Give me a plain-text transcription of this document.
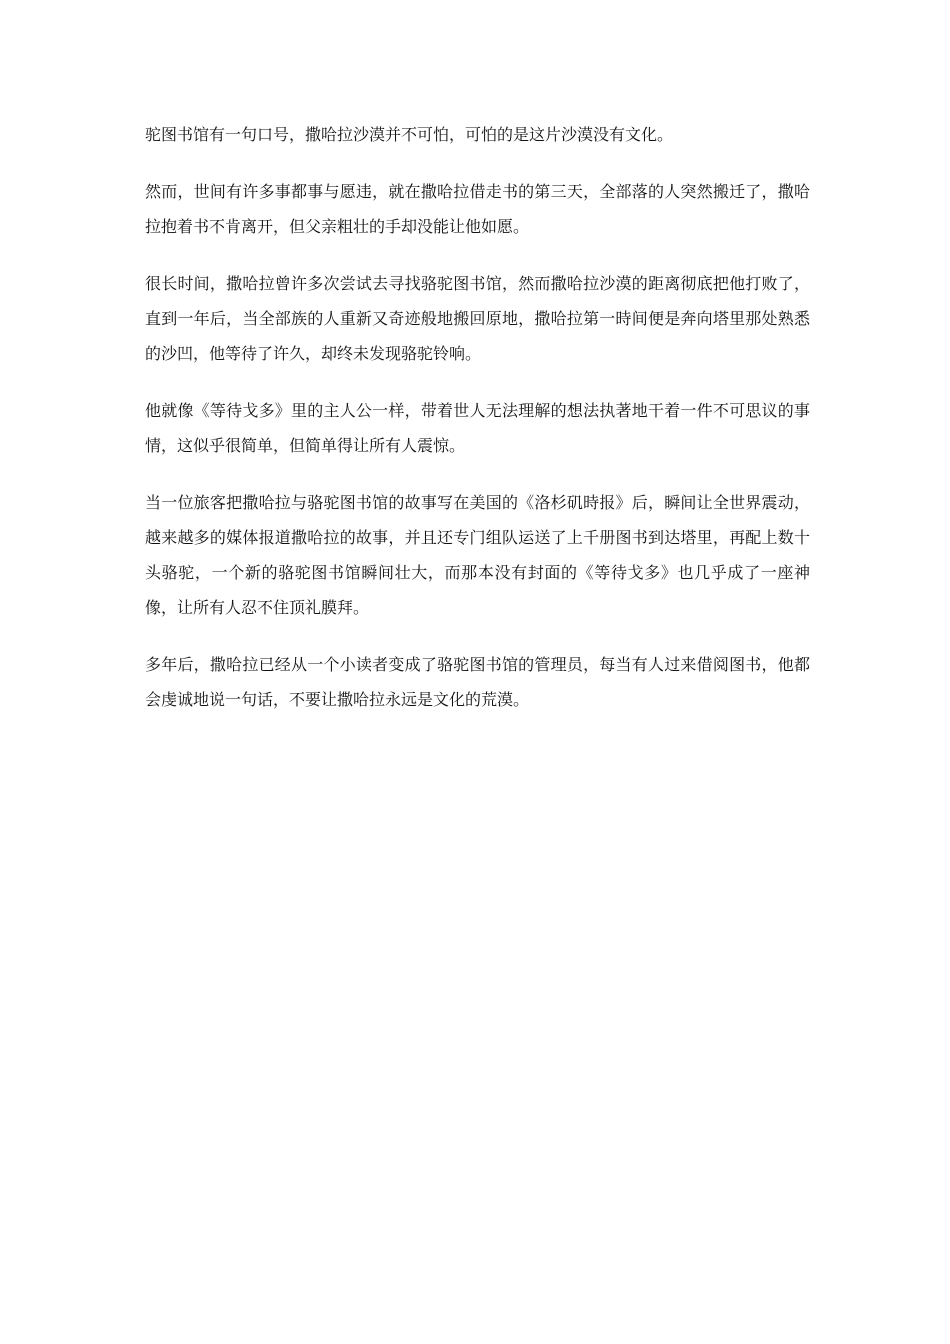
驼图书馆有一句口号，撒哈拉沙漠并不可怕，可怕的是这片沙漠没有文化。

然而，世间有许多事都事与愿违，就在撒哈拉借走书的第三天，全部落的人突然搬迁了，撒哈拉抱着书不肯离开，但父亲粗壮的手却没能让他如愿。

很长时间，撒哈拉曾许多次尝试去寻找骆驼图书馆，然而撒哈拉沙漠的距离彻底把他打败了，直到一年后，当全部族的人重新又奇迹般地搬回原地，撒哈拉第一時间便是奔向塔里那处熟悉的沙凹，他等待了许久，却终未发现骆驼铃响。

他就像《等待戈多》里的主人公一样，带着世人无法理解的想法执著地干着一件不可思议的事情，这似乎很简单，但简单得让所有人震惊。

当一位旅客把撒哈拉与骆驼图书馆的故事写在美国的《洛杉矶時报》后，瞬间让全世界震动，越来越多的媒体报道撒哈拉的故事，并且还专门组队运送了上千册图书到达塔里，再配上数十头骆驼，一个新的骆驼图书馆瞬间壮大，而那本没有封面的《等待戈多》也几乎成了一座神像，让所有人忍不住顶礼膜拜。

多年后，撒哈拉已经从一个小读者变成了骆驼图书馆的管理员，每当有人过来借阅图书，他都会虔诚地说一句话，不要让撒哈拉永远是文化的荒漠。
